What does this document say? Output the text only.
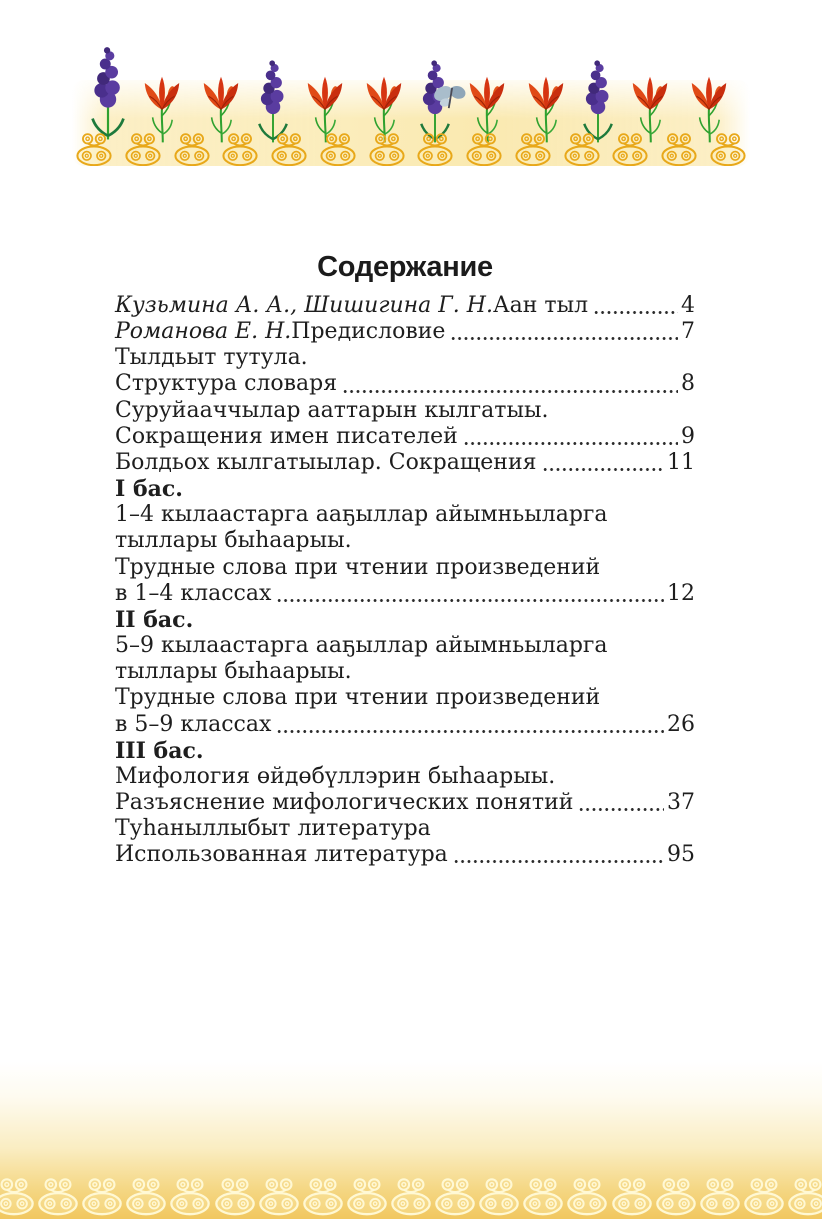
Содержание
Кузьмина А. А., Шишигина Г. Н. Аан тыл	4
Романова Е. Н. Предисловие	7
Тылдьыт тутула.
Структура словаря	8
Суруйааччылар ааттарын кылгатыы.
Сокращения имен писателей	9
Болдьох кылгатыылар. Сокращения	11
I бас.
1–4 кылаастарга ааҕыллар айымньыларга
тыллары быһаарыы.
Трудные слова при чтении произведений
в 1–4 классах	12
II бас.
5–9 кылаастарга ааҕыллар айымньыларга
тыллары быһаарыы.
Трудные слова при чтении произведений
в 5–9 классах	26
III бас.
Мифология өйдөбүллэрин быһаарыы.
Разъяснение мифологических понятий	37
Туһаныллыбыт литература
Использованная литература	95
